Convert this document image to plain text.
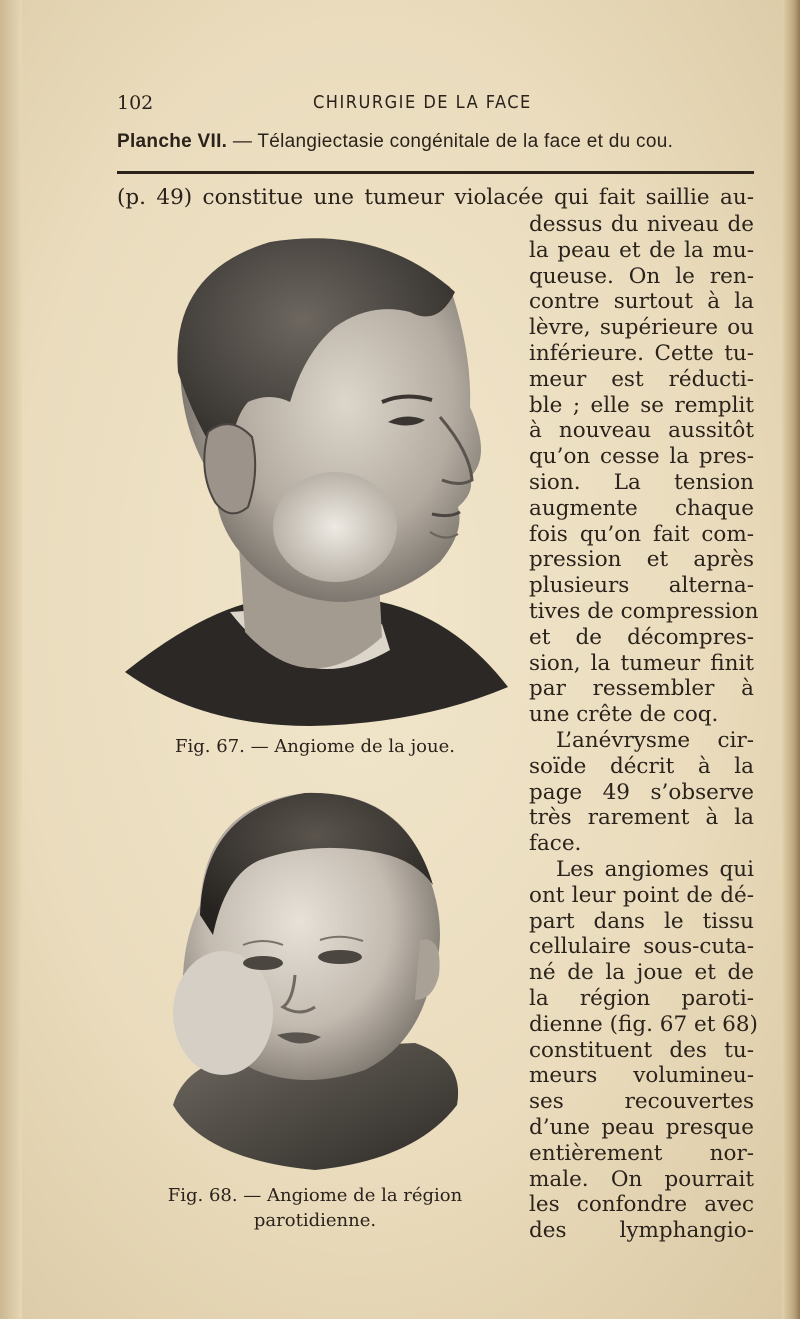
102	CHIRURGIE DE LA FACE
Planche VII. — Télangiectasie congénitale de la face et du cou.
(p. 49) constitue une tumeur violacée qui fait saillie au-
dessus du niveau de
la peau et de la mu-
queuse. On le ren-
contre surtout à la
lèvre, supérieure ou
inférieure. Cette tu-
meur est réducti-
ble ; elle se remplit
à nouveau aussitôt
qu’on cesse la pres-
sion. La tension
augmente chaque
fois qu’on fait com-
pression et après
plusieurs alterna-
tives de compression
et de décompres-
sion, la tumeur finit
par ressembler à
une crête de coq.
L’anévrysme cir-
soïde décrit à la
page 49 s’observe
très rarement à la
face.
Les angiomes qui
ont leur point de dé-
part dans le tissu
cellulaire sous-cuta-
né de la joue et de
la région paroti-
dienne (fig. 67 et 68)
constituent des tu-
meurs volumineu-
ses recouvertes
d’une peau presque
entièrement nor-
male. On pourrait
les confondre avec
des lymphangio-
Fig. 67. — Angiome de la joue.
Fig. 68. — Angiome de la région
parotidienne.
